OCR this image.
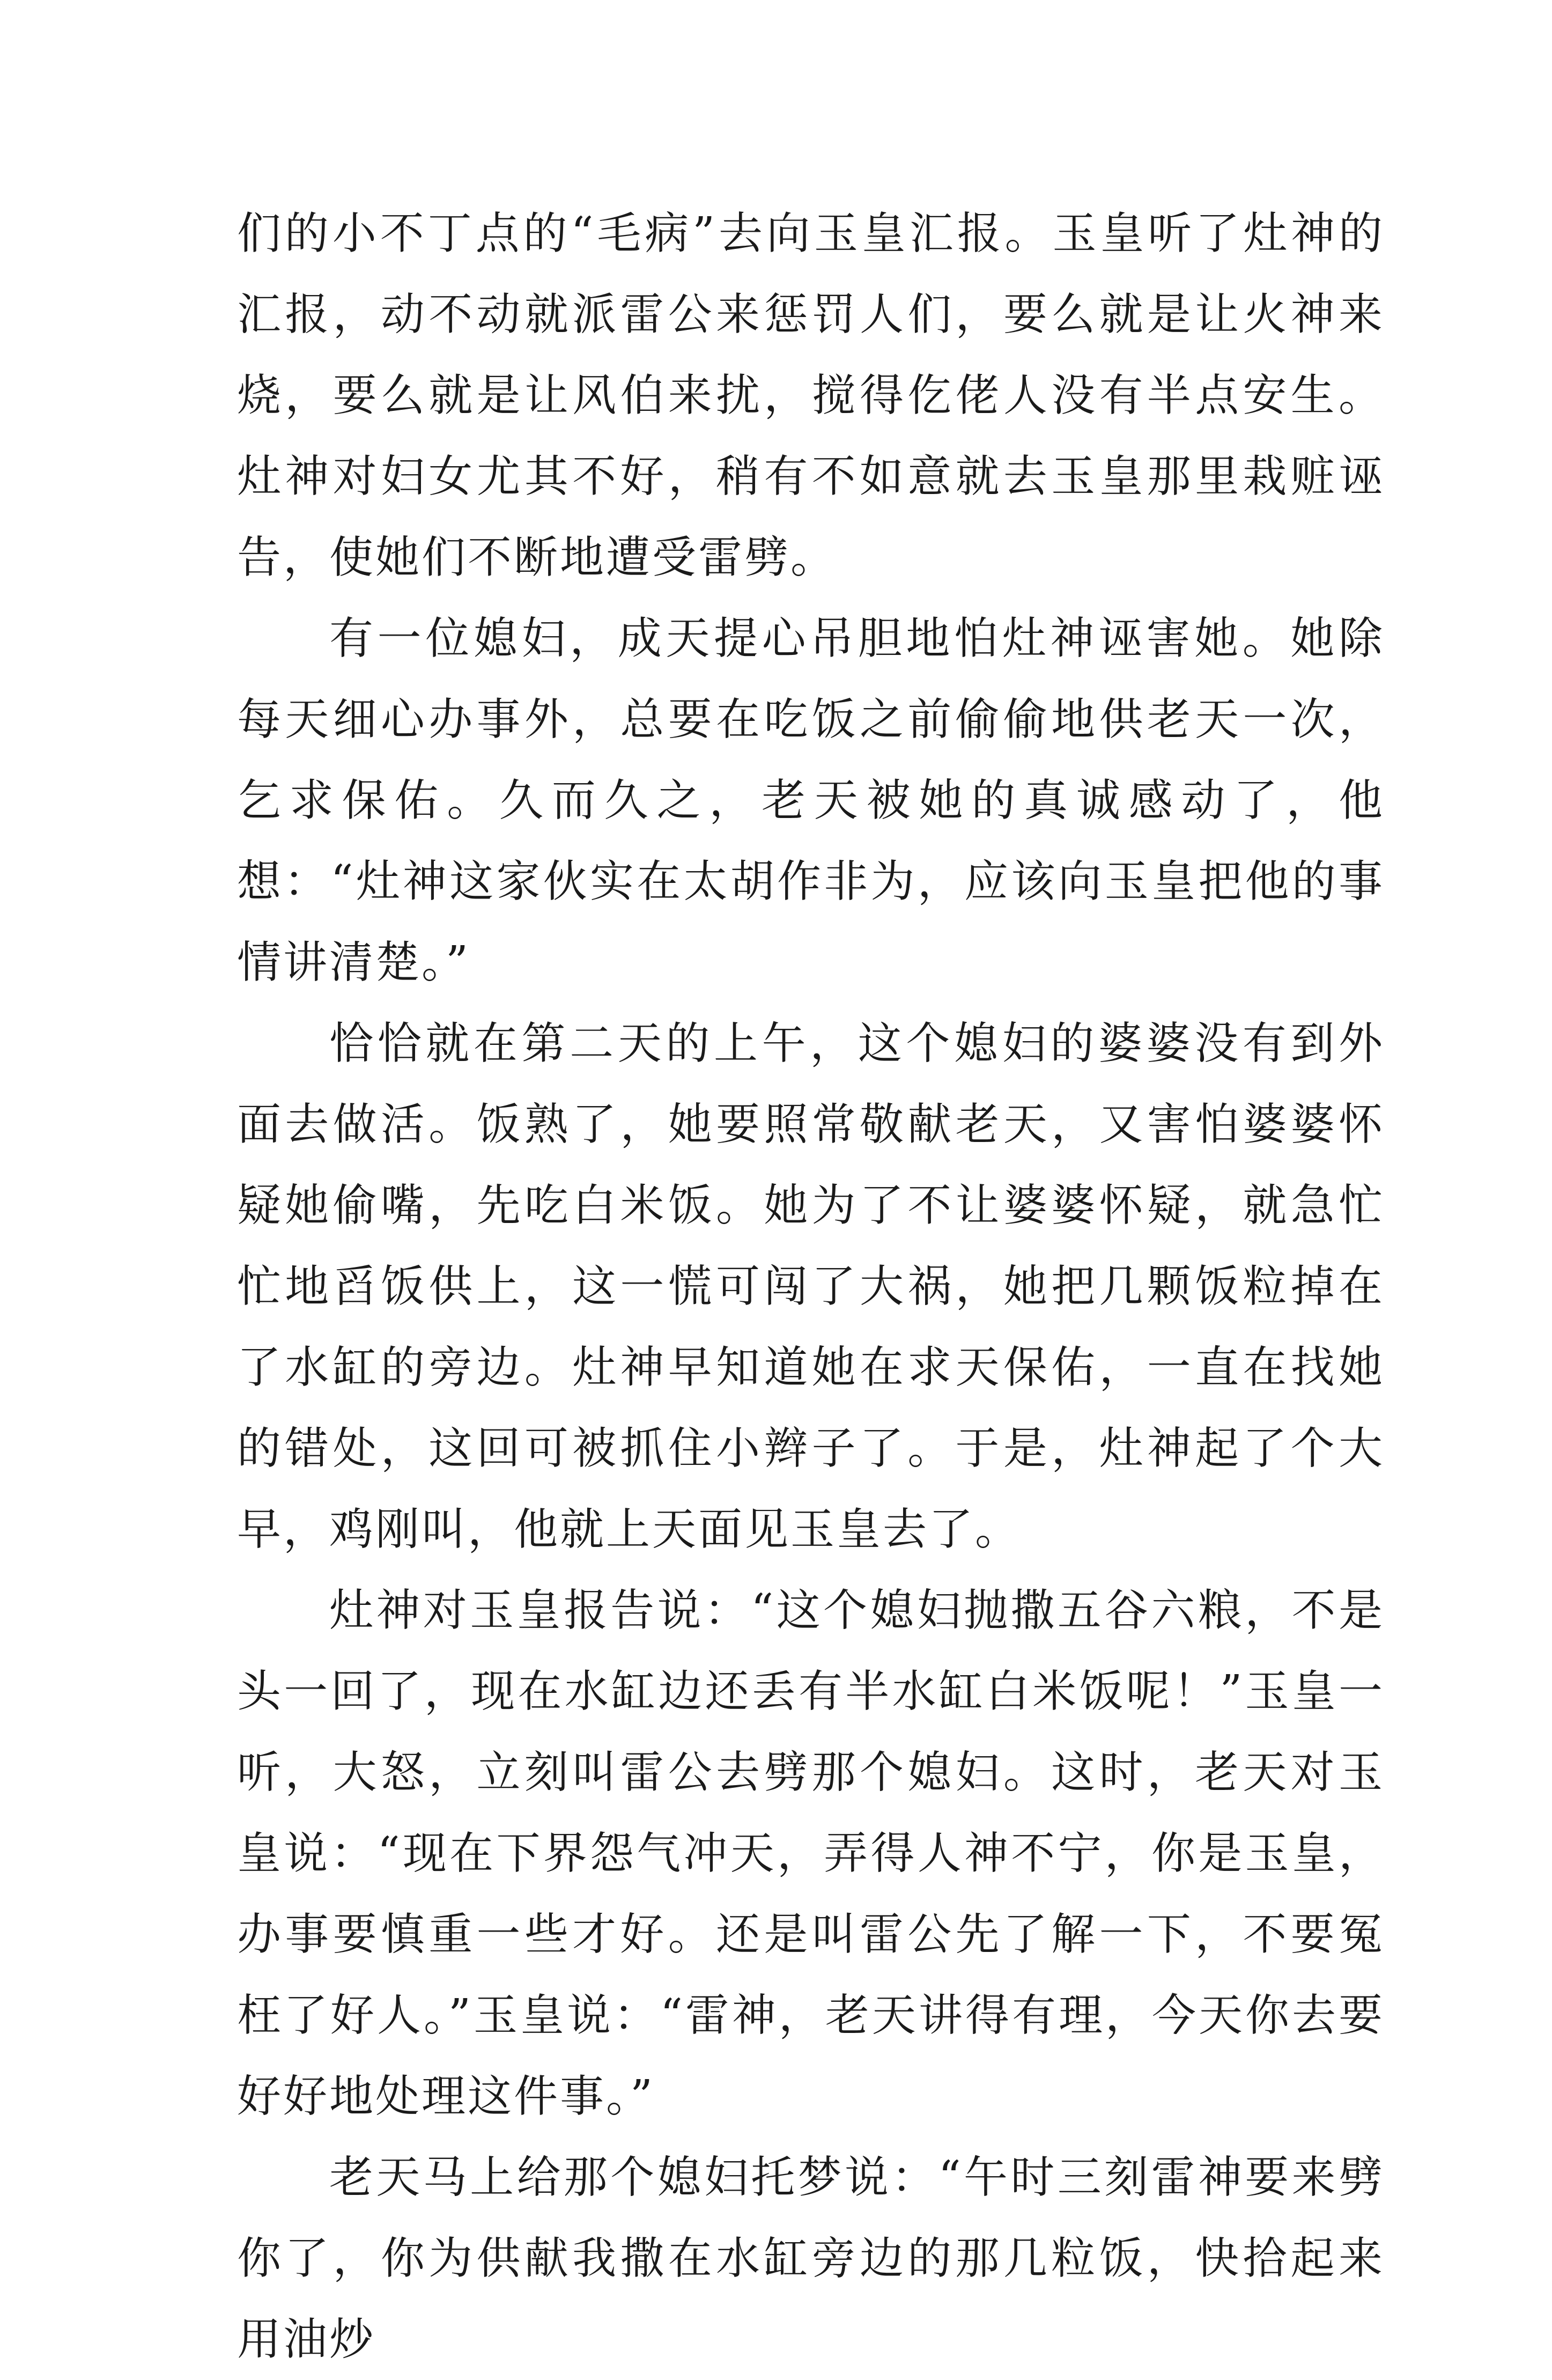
们的小不丁点的“毛病”去向玉皇汇报。玉皇听了灶神的汇报，动不动就派雷公来惩罚人们，要么就是让火神来烧，要么就是让风伯来扰，搅得仡佬人没有半点安生。灶神对妇女尤其不好，稍有不如意就去玉皇那里栽赃诬告，使她们不断地遭受雷劈。

有一位媳妇，成天提心吊胆地怕灶神诬害她。她除每天细心办事外，总要在吃饭之前偷偷地供老天一次，乞求保佑。久而久之，老天被她的真诚感动了，他想：“灶神这家伙实在太胡作非为，应该向玉皇把他的事情讲清楚。”

恰恰就在第二天的上午，这个媳妇的婆婆没有到外面去做活。饭熟了，她要照常敬献老天，又害怕婆婆怀疑她偷嘴，先吃白米饭。她为了不让婆婆怀疑，就急忙忙地舀饭供上，这一慌可闯了大祸，她把几颗饭粒掉在了水缸的旁边。灶神早知道她在求天保佑，一直在找她的错处，这回可被抓住小辫子了。于是，灶神起了个大早，鸡刚叫，他就上天面见玉皇去了。

灶神对玉皇报告说：“这个媳妇抛撒五谷六粮，不是头一回了，现在水缸边还丢有半水缸白米饭呢！”玉皇一听，大怒，立刻叫雷公去劈那个媳妇。这时，老天对玉皇说：“现在下界怨气冲天，弄得人神不宁，你是玉皇，办事要慎重一些才好。还是叫雷公先了解一下，不要冤枉了好人。”玉皇说：“雷神，老天讲得有理，今天你去要好好地处理这件事。”

老天马上给那个媳妇托梦说：“午时三刻雷神要来劈你了，你为供献我撒在水缸旁边的那几粒饭，快拾起来用油炒
